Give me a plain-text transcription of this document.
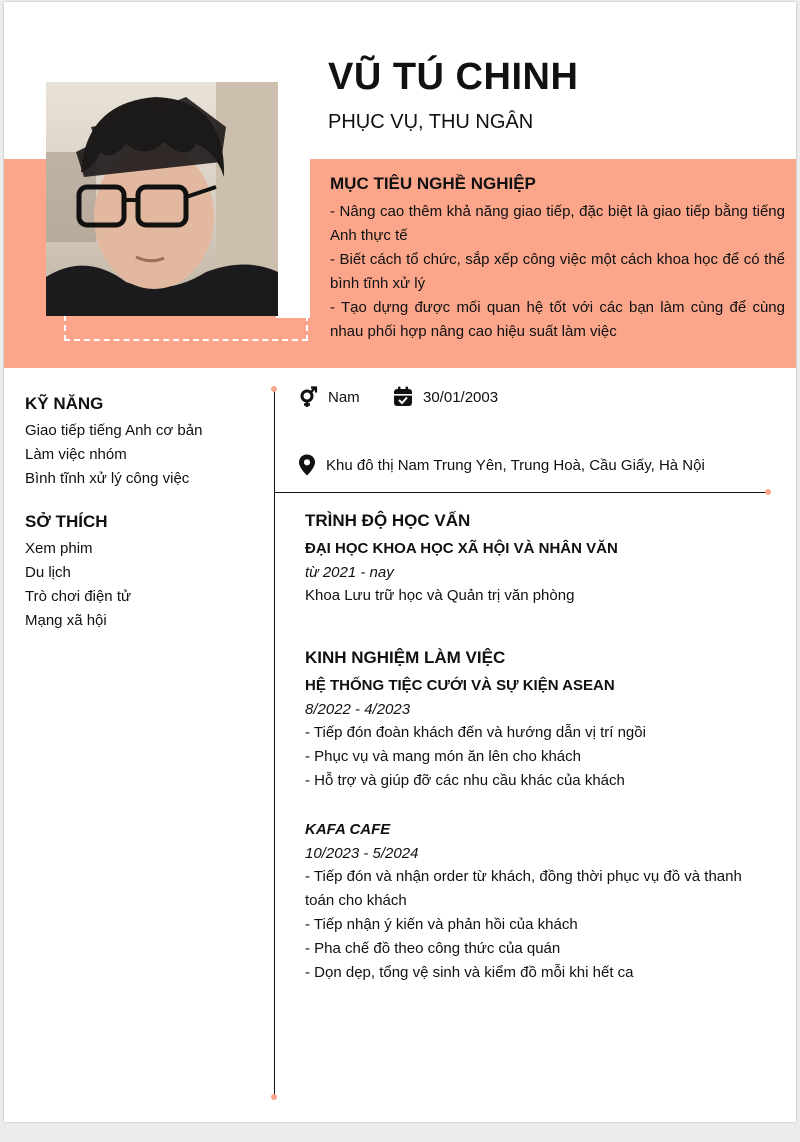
VŨ TÚ CHINH
PHỤC VỤ, THU NGÂN
MỤC TIÊU NGHỀ NGHIỆP
- Nâng cao thêm khả năng giao tiếp, đặc biệt là giao tiếp bằng tiếng Anh thực tế
- Biết cách tổ chức, sắp xếp công việc một cách khoa học để có thể bình tĩnh xử lý
- Tạo dựng được mối quan hệ tốt với các bạn làm cùng để cùng nhau phối hợp nâng cao hiệu suất làm việc
KỸ NĂNG
Giao tiếp tiếng Anh cơ bản
Làm việc nhóm
Bình tĩnh xử lý công việc
SỞ THÍCH
Xem phim
Du lịch
Trò chơi điện tử
Mạng xã hội
Nam	30/01/2003
Khu đô thị Nam Trung Yên, Trung Hoà, Cầu Giấy, Hà Nội
TRÌNH ĐỘ HỌC VẤN
ĐẠI HỌC KHOA HỌC XÃ HỘI VÀ NHÂN VĂN
từ 2021 - nay
Khoa Lưu trữ học và Quản trị văn phòng
KINH NGHIỆM LÀM VIỆC
HỆ THỐNG TIỆC CƯỚI VÀ SỰ KIỆN ASEAN
8/2022 - 4/2023
- Tiếp đón đoàn khách đến và hướng dẫn vị trí ngồi
- Phục vụ và mang món ăn lên cho khách
- Hỗ trợ và giúp đỡ các nhu cầu khác của khách
KAFA CAFE
10/2023 - 5/2024
- Tiếp đón và nhận order từ khách, đồng thời phục vụ đồ và thanh toán cho khách
- Tiếp nhận ý kiến và phản hồi của khách
- Pha chế đồ theo công thức của quán
- Dọn dẹp, tổng vệ sinh và kiểm đồ mỗi khi hết ca
